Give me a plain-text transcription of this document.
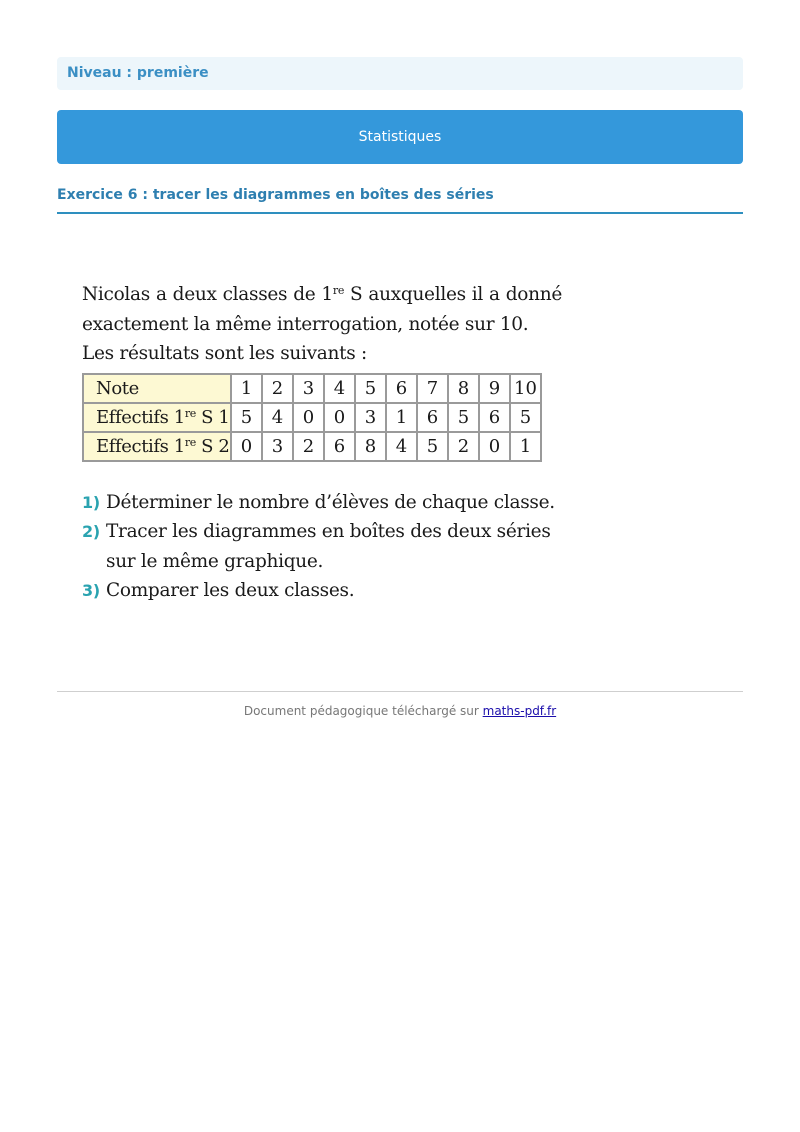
Niveau : première
Statistiques
Exercice 6 : tracer les diagrammes en boîtes des séries

Nicolas a deux classes de 1re S auxquelles il a donné

exactement la même interrogation, notée sur 10.

Les résultats sont les suivants :

Note	1	2	3	4	5	6	7	8	9	10
Effectifs 1re S 1	5	4	0	0	3	1	6	5	6	5
Effectifs 1re S 2	0	3	2	6	8	4	5	2	0	1
1) Déterminer le nombre d’élèves de chaque classe.
2) Tracer les diagrammes en boîtes des deux séries sur le même graphique.
3) Comparer les deux classes.
Document pédagogique téléchargé sur maths-pdf.fr
